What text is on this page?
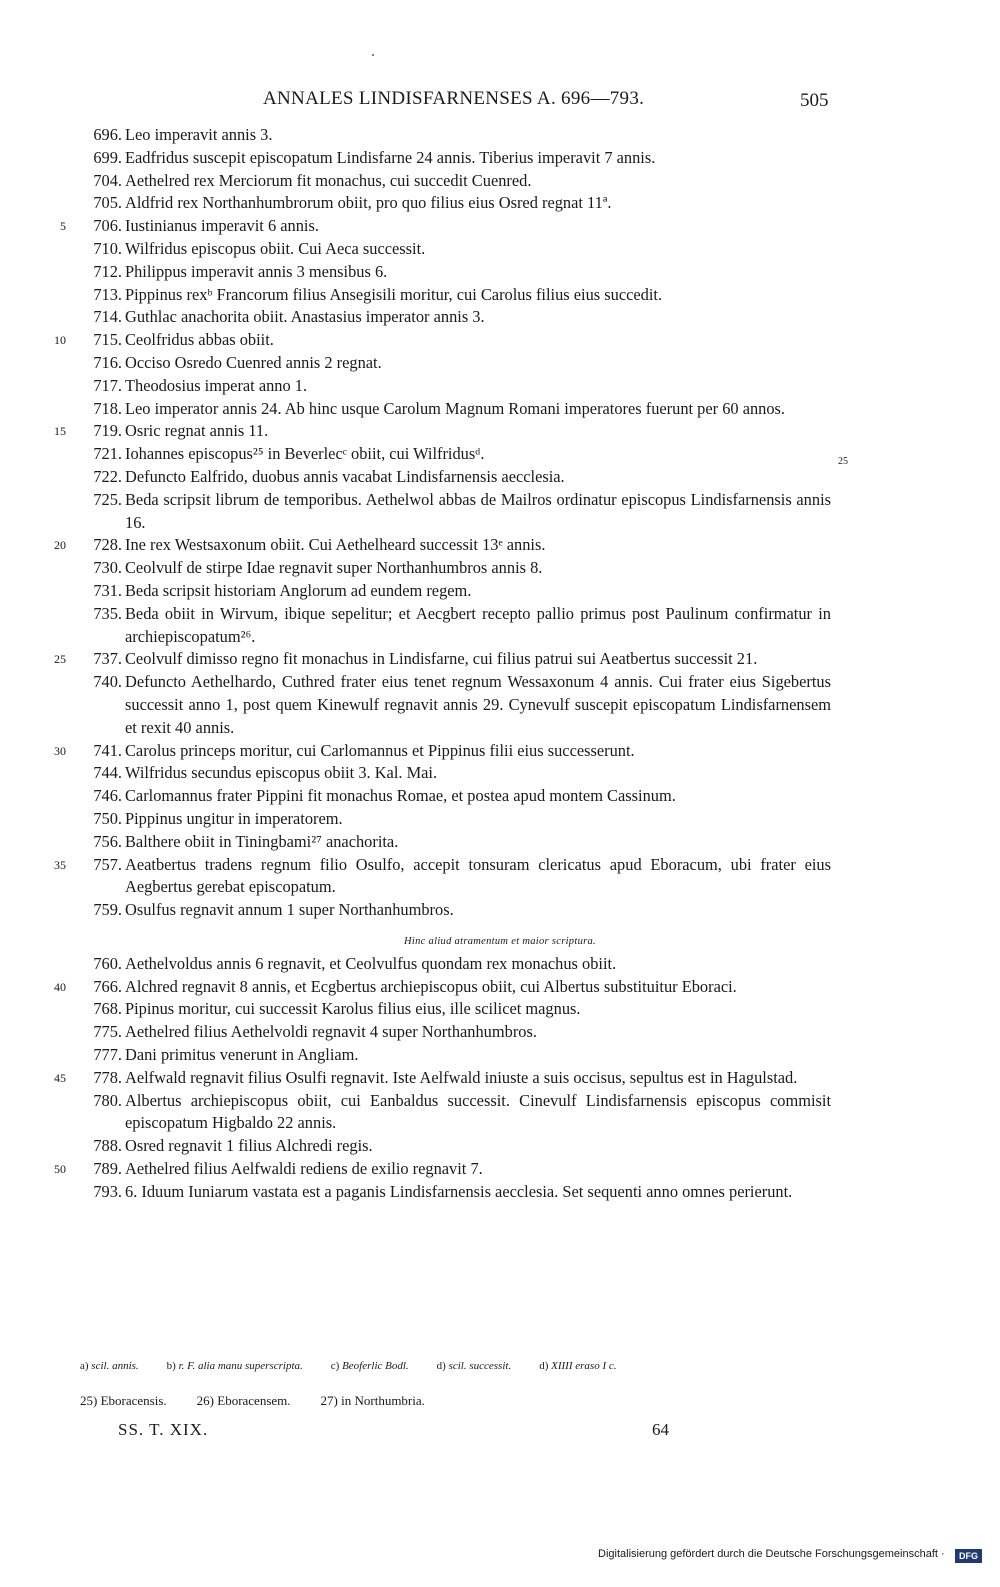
ANNALES LINDISFARNENSES A. 696—793.	505
696. Leo imperavit annis 3.
699. Eadfridus suscepit episcopatum Lindisfarne 24 annis. Tiberius imperavit 7 annis.
704. Aethelred rex Merciorum fit monachus, cui succedit Cuenred.
705. Aldfrid rex Northanhumbrorum obiit, pro quo filius eius Osred regnat 11ª.
5	706. Iustinianus imperavit 6 annis.
710. Wilfridus episcopus obiit. Cui Aeca successit.
712. Philippus imperavit annis 3 mensibus 6.
713. Pippinus rexᵇ Francorum filius Ansegisili moritur, cui Carolus filius eius succedit.
714. Guthlac anachorita obiit. Anastasius imperator annis 3.
10	715. Ceolfridus abbas obiit.
716. Occiso Osredo Cuenred annis 2 regnat.
717. Theodosius imperat anno 1.
718. Leo imperator annis 24. Ab hinc usque Carolum Magnum Romani imperatores fuerunt per 60 annos.
15	719. Osric regnat annis 11.
721. Iohannes episcopus²⁵ in Beverlecᶜ obiit, cui Wilfridusᵈ.	25
722. Defuncto Ealfrido, duobus annis vacabat Lindisfarnensis aecclesia.
725. Beda scripsit librum de temporibus. Aethelwol abbas de Mailros ordinatur episcopus Lindisfarnensis annis 16.
20	728. Ine rex Westsaxonum obiit. Cui Aethelheard successit 13ᵉ annis.
730. Ceolvulf de stirpe Idae regnavit super Northanhumbros annis 8.
731. Beda scripsit historiam Anglorum ad eundem regem.
735. Beda obiit in Wirvum, ibique sepelitur; et Aecgbert recepto pallio primus post Paulinum confirmatur in archiepiscopatum²⁶.
25	737. Ceolvulf dimisso regno fit monachus in Lindisfarne, cui filius patrui sui Aeatbertus successit 21.
740. Defuncto Aethelhardo, Cuthred frater eius tenet regnum Wessaxonum 4 annis. Cui frater eius Sigebertus successit anno 1, post quem Kinewulf regnavit annis 29. Cynevulf suscepit episcopatum Lindisfarnensem et rexit 40 annis.
30	741. Carolus princeps moritur, cui Carlomannus et Pippinus filii eius successerunt.
744. Wilfridus secundus episcopus obiit 3. Kal. Mai.
746. Carlomannus frater Pippini fit monachus Romae, et postea apud montem Cassinum.
750. Pippinus ungitur in imperatorem.
756. Balthere obiit in Tiningbami²⁷ anachorita.
35	757. Aeatbertus tradens regnum filio Osulfo, accepit tonsuram clericatus apud Eboracum, ubi frater eius Aegbertus gerebat episcopatum.
759. Osulfus regnavit annum 1 super Northanhumbros.
Hinc aliud atramentum et maior scriptura.
760. Aethelvoldus annis 6 regnavit, et Ceolvulfus quondam rex monachus obiit.
40	766. Alchred regnavit 8 annis, et Ecgbertus archiepiscopus obiit, cui Albertus substituitur Eboraci.
768. Pipinus moritur, cui successit Karolus filius eius, ille scilicet magnus.
775. Aethelred filius Aethelvoldi regnavit 4 super Northanhumbros.
777. Dani primitus venerunt in Angliam.
45	778. Aelfwald regnavit filius Osulfi regnavit. Iste Aelfwald iniuste a suis occisus, sepultus est in Hagulstad.
780. Albertus archiepiscopus obiit, cui Eanbaldus successit. Cinevulf Lindisfarnensis episcopus commisit episcopatum Higbaldo 22 annis.
788. Osred regnavit 1 filius Alchredi regis.
50	789. Aethelred filius Aelfwaldi rediens de exilio regnavit 7.
793. 6. Iduum Iuniarum vastata est a paganis Lindisfarnensis aecclesia. Set sequenti anno omnes perierunt.
a) scil. annis.	b) r. F. alia manu superscripta.	c) Beoferlic Bodl.	d) scil. successit.	d) XIIII eraso I c.
25) Eboracensis. 26) Eboracensem. 27) in Northumbria.
SS. T. XIX.	64
Digitalisierung gefördert durch die Deutsche Forschungsgemeinschaft ·	DFG
